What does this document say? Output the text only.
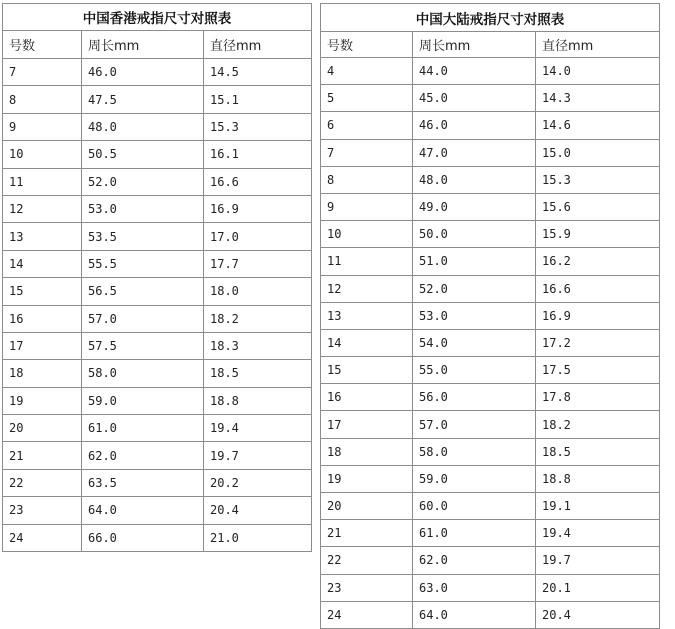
中国香港戒指尺寸对照表		
号数	周长mm	直径mm
7	46.0	14.5
8	47.5	15.1
9	48.0	15.3
10	50.5	16.1
11	52.0	16.6
12	53.0	16.9
13	53.5	17.0
14	55.5	17.7
15	56.5	18.0
16	57.0	18.2
17	57.5	18.3
18	58.0	18.5
19	59.0	18.8
20	61.0	19.4
21	62.0	19.7
22	63.5	20.2
23	64.0	20.4
24	66.0	21.0
中国大陆戒指尺寸对照表		
号数	周长mm	直径mm
4	44.0	14.0
5	45.0	14.3
6	46.0	14.6
7	47.0	15.0
8	48.0	15.3
9	49.0	15.6
10	50.0	15.9
11	51.0	16.2
12	52.0	16.6
13	53.0	16.9
14	54.0	17.2
15	55.0	17.5
16	56.0	17.8
17	57.0	18.2
18	58.0	18.5
19	59.0	18.8
20	60.0	19.1
21	61.0	19.4
22	62.0	19.7
23	63.0	20.1
24	64.0	20.4
